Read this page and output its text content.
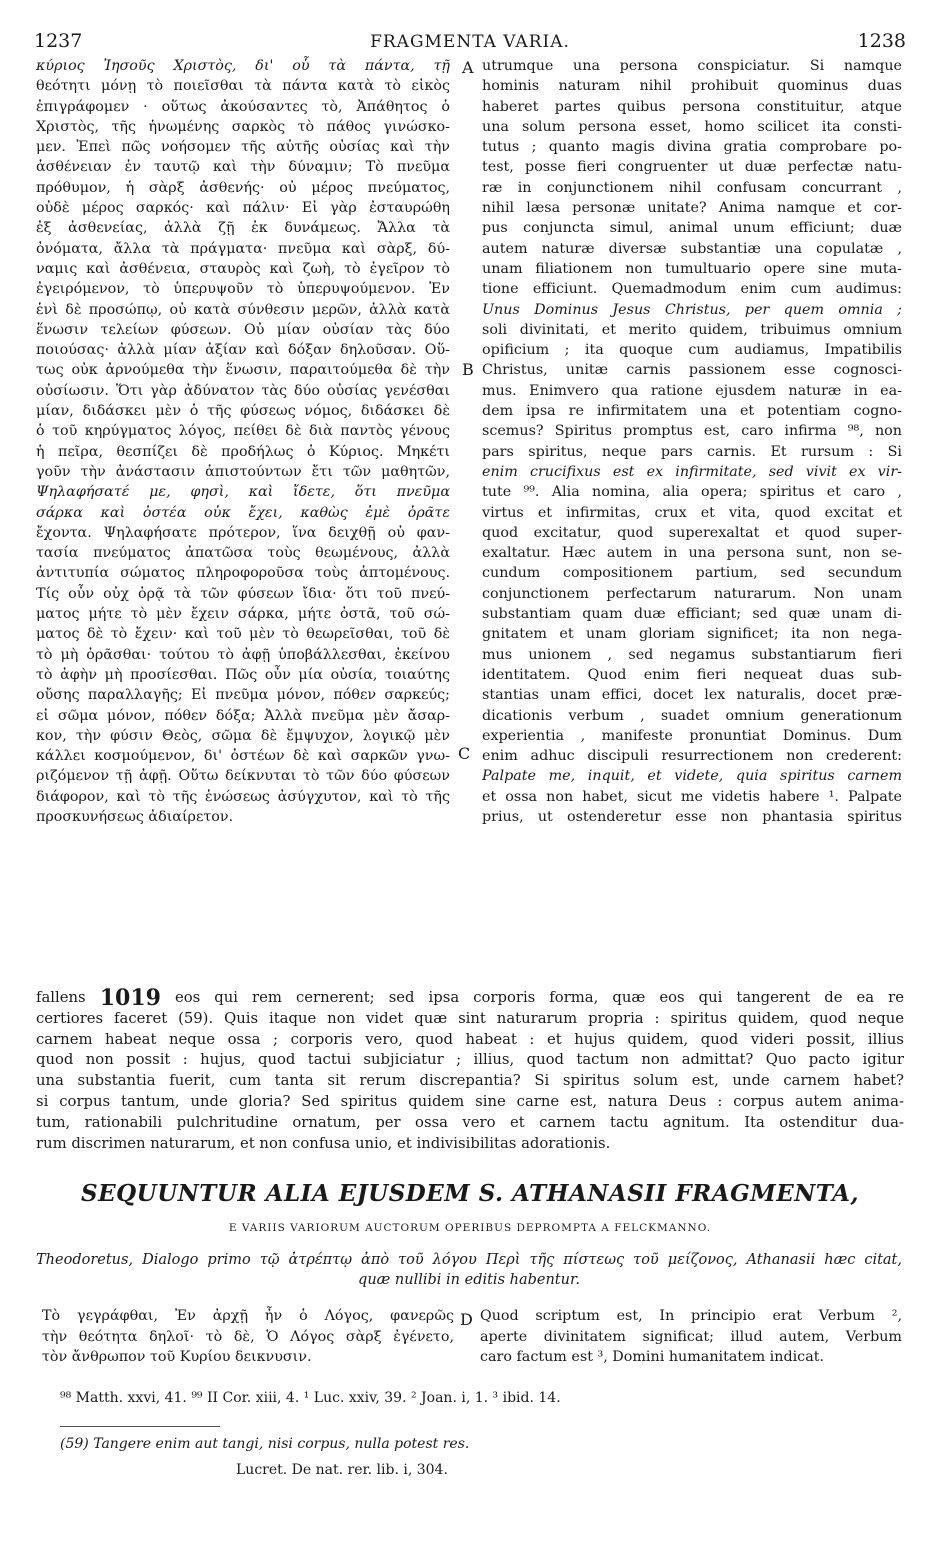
1237	FRAGMENTA VARIA.	1238
κύριος Ἰησοῦς Χριστὸς, δι' οὗ τὰ πάντα, τῇ
θεότητι μόνῃ τὸ ποιεῖσθαι τὰ πάντα κατὰ τὸ εἰκὸς
ἐπιγράφομεν · οὕτως ἀκούσαντες τὸ, Ἀπάθητος ὁ
Χριστὸς, τῆς ἡνωμένης σαρκὸς τὸ πάθος γινώσκο-
μεν. Ἐπεὶ πῶς νοήσομεν τῆς αὐτῆς οὐσίας καὶ τὴν
ἀσθένειαν ἐν ταυτῷ καὶ τὴν δύναμιν; Τὸ πνεῦμα
πρόθυμον, ἡ σὰρξ ἀσθενής· οὐ μέρος πνεύματος,
οὐδὲ μέρος σαρκός· καὶ πάλιν· Εἰ γὰρ ἐσταυρώθη
ἐξ ἀσθενείας, ἀλλὰ ζῇ ἐκ δυνάμεως. Ἄλλα τὰ
ὀνόματα, ἄλλα τὰ πράγματα· πνεῦμα καὶ σὰρξ, δύ-
ναμις καὶ ἀσθένεια, σταυρὸς καὶ ζωὴ, τὸ ἐγεῖρον τὸ
ἐγειρόμενον, τὸ ὑπερυψοῦν τὸ ὑπερυψούμενον. Ἐν
ἑνὶ δὲ προσώπῳ, οὐ κατὰ σύνθεσιν μερῶν, ἀλλὰ κατὰ
ἕνωσιν τελείων φύσεων. Οὐ μίαν οὐσίαν τὰς δύο
ποιούσας· ἀλλὰ μίαν ἀξίαν καὶ δόξαν δηλοῦσαν. Οὕ-
τως οὐκ ἀρνούμεθα τὴν ἕνωσιν, παραιτούμεθα δὲ τὴν
οὐσίωσιν. Ὅτι γὰρ ἀδύνατον τὰς δύο οὐσίας γενέσθαι
μίαν, διδάσκει μὲν ὁ τῆς φύσεως νόμος, διδάσκει δὲ
ὁ τοῦ κηρύγματος λόγος, πείθει δὲ διὰ παντὸς γένους
ἡ πεῖρα, θεσπίζει δὲ προδήλως ὁ Κύριος. Μηκέτι
γοῦν τὴν ἀνάστασιν ἀπιστούντων ἔτι τῶν μαθητῶν,
Ψηλαφήσατέ με, φησὶ, καὶ ἴδετε, ὅτι πνεῦμα
σάρκα καὶ ὀστέα οὐκ ἔχει, καθὼς ἐμὲ ὁρᾶτε
ἔχοντα. Ψηλαφήσατε πρότερον, ἵνα δειχθῇ οὐ φαν-
τασία πνεύματος ἀπατῶσα τοὺς θεωμένους, ἀλλὰ
ἀντιτυπία σώματος πληροφοροῦσα τοὺς ἁπτομένους.
Τίς οὖν οὐχ ὁρᾷ τὰ τῶν φύσεων ἴδια· ὅτι τοῦ πνεύ-
ματος μήτε τὸ μὲν ἔχειν σάρκα, μήτε ὀστᾶ, τοῦ σώ-
ματος δὲ τὸ ἔχειν· καὶ τοῦ μὲν τὸ θεωρεῖσθαι, τοῦ δὲ
τὸ μὴ ὁρᾶσθαι· τούτου τὸ ἀφῇ ὑποβάλλεσθαι, ἐκείνου
τὸ ἀφὴν μὴ προσίεσθαι. Πῶς οὖν μία οὐσία, τοιαύτης
οὔσης παραλλαγῆς; Εἰ πνεῦμα μόνον, πόθεν σαρκεύς;
εἰ σῶμα μόνον, πόθεν δόξα; Ἀλλὰ πνεῦμα μὲν ἄσαρ-
κον, τὴν φύσιν Θεὸς, σῶμα δὲ ἔμψυχον, λογικῷ μὲν
κάλλει κοσμούμενον, δι' ὀστέων δὲ καὶ σαρκῶν γνω-
ριζόμενον τῇ ἀφῇ. Οὕτω δείκνυται τὸ τῶν δύο φύσεων
διάφορον, καὶ τὸ τῆς ἑνώσεως ἀσύγχυτον, καὶ τὸ τῆς
προσκυνήσεως ἀδιαίρετον.
A
B
C
D
utrumque una persona conspiciatur. Si namque
hominis naturam nihil prohibuit quominus duas
haberet partes quibus persona constituitur, atque
una solum persona esset, homo scilicet ita consti-
tutus ; quanto magis divina gratia comprobare po-
test, posse fieri congruenter ut duæ perfectæ natu-
ræ in conjunctionem nihil confusam concurrant ,
nihil læsa personæ unitate? Anima namque et cor-
pus conjuncta simul, animal unum efficiunt; duæ
autem naturæ diversæ substantiæ una copulatæ ,
unam filiationem non tumultuario opere sine muta-
tione efficiunt. Quemadmodum enim cum audimus:
Unus Dominus Jesus Christus, per quem omnia ;
soli divinitati, et merito quidem, tribuimus omnium
opificium ; ita quoque cum audiamus, Impatibilis
Christus, unitæ carnis passionem esse cognosci-
mus. Enimvero qua ratione ejusdem naturæ in ea-
dem ipsa re infirmitatem una et potentiam cogno-
scemus? Spiritus promptus est, caro infirma ⁹⁸, non
pars spiritus, neque pars carnis. Et rursum : Si
enim crucifixus est ex infirmitate, sed vivit ex vir-
tute ⁹⁹. Alia nomina, alia opera; spiritus et caro ,
virtus et infirmitas, crux et vita, quod excitat et
quod excitatur, quod superexaltat et quod super-
exaltatur. Hæc autem in una persona sunt, non se-
cundum compositionem partium, sed secundum
conjunctionem perfectarum naturarum. Non unam
substantiam quam duæ efficiant; sed quæ unam di-
gnitatem et unam gloriam significet; ita non nega-
mus unionem , sed negamus substantiarum fieri
identitatem. Quod enim fieri nequeat duas sub-
stantias unam effici, docet lex naturalis, docet præ-
dicationis verbum , suadet omnium generationum
experientia , manifeste pronuntiat Dominus. Dum
enim adhuc discipuli resurrectionem non crederent:
Palpate me, inquit, et videte, quia spiritus carnem
et ossa non habet, sicut me videtis habere ¹. Palpate
prius, ut ostenderetur esse non phantasia spiritus
fallens 1019 eos qui rem cernerent; sed ipsa corporis forma, quæ eos qui tangerent de ea re
certiores faceret (59). Quis itaque non videt quæ sint naturarum propria : spiritus quidem, quod neque
carnem habeat neque ossa ; corporis vero, quod habeat : et hujus quidem, quod videri possit, illius
quod non possit : hujus, quod tactui subjiciatur ; illius, quod tactum non admittat? Quo pacto igitur
una substantia fuerit, cum tanta sit rerum discrepantia? Si spiritus solum est, unde carnem habet?
si corpus tantum, unde gloria? Sed spiritus quidem sine carne est, natura Deus : corpus autem anima-
tum, rationabili pulchritudine ornatum, per ossa vero et carnem tactu agnitum. Ita ostenditur dua-
rum discrimen naturarum, et non confusa unio, et indivisibilitas adorationis.
SEQUUNTUR ALIA EJUSDEM S. ATHANASII FRAGMENTA,
E VARIIS VARIORUM AUCTORUM OPERIBUS DEPROMPTA A FELCKMANNO.
Theodoretus, Dialogo primo τῷ ἀτρέπτῳ ἀπὸ τοῦ λόγου Περὶ τῆς πίστεως τοῦ μείζονος, Athanasii hæc citat,
quæ nullibi in editis habentur.
Τὸ γεγράφθαι, Ἐν ἀρχῇ ἦν ὁ Λόγος, φανερῶς
τὴν θεότητα δηλοῖ· τὸ δὲ, Ὁ Λόγος σὰρξ ἐγένετο,
τὸν ἄνθρωπον τοῦ Κυρίου δεικνυσιν.
Quod scriptum est, In principio erat Verbum ²,
aperte divinitatem significat; illud autem, Verbum
caro factum est ³, Domini humanitatem indicat.
⁹⁸ Matth. xxvi, 41. ⁹⁹ II Cor. xiii, 4. ¹ Luc. xxiv, 39. ² Joan. i, 1. ³ ibid. 14.
(59) Tangere enim aut tangi, nisi corpus, nulla potest res.
Lucret. De nat. rer. lib. i, 304.
